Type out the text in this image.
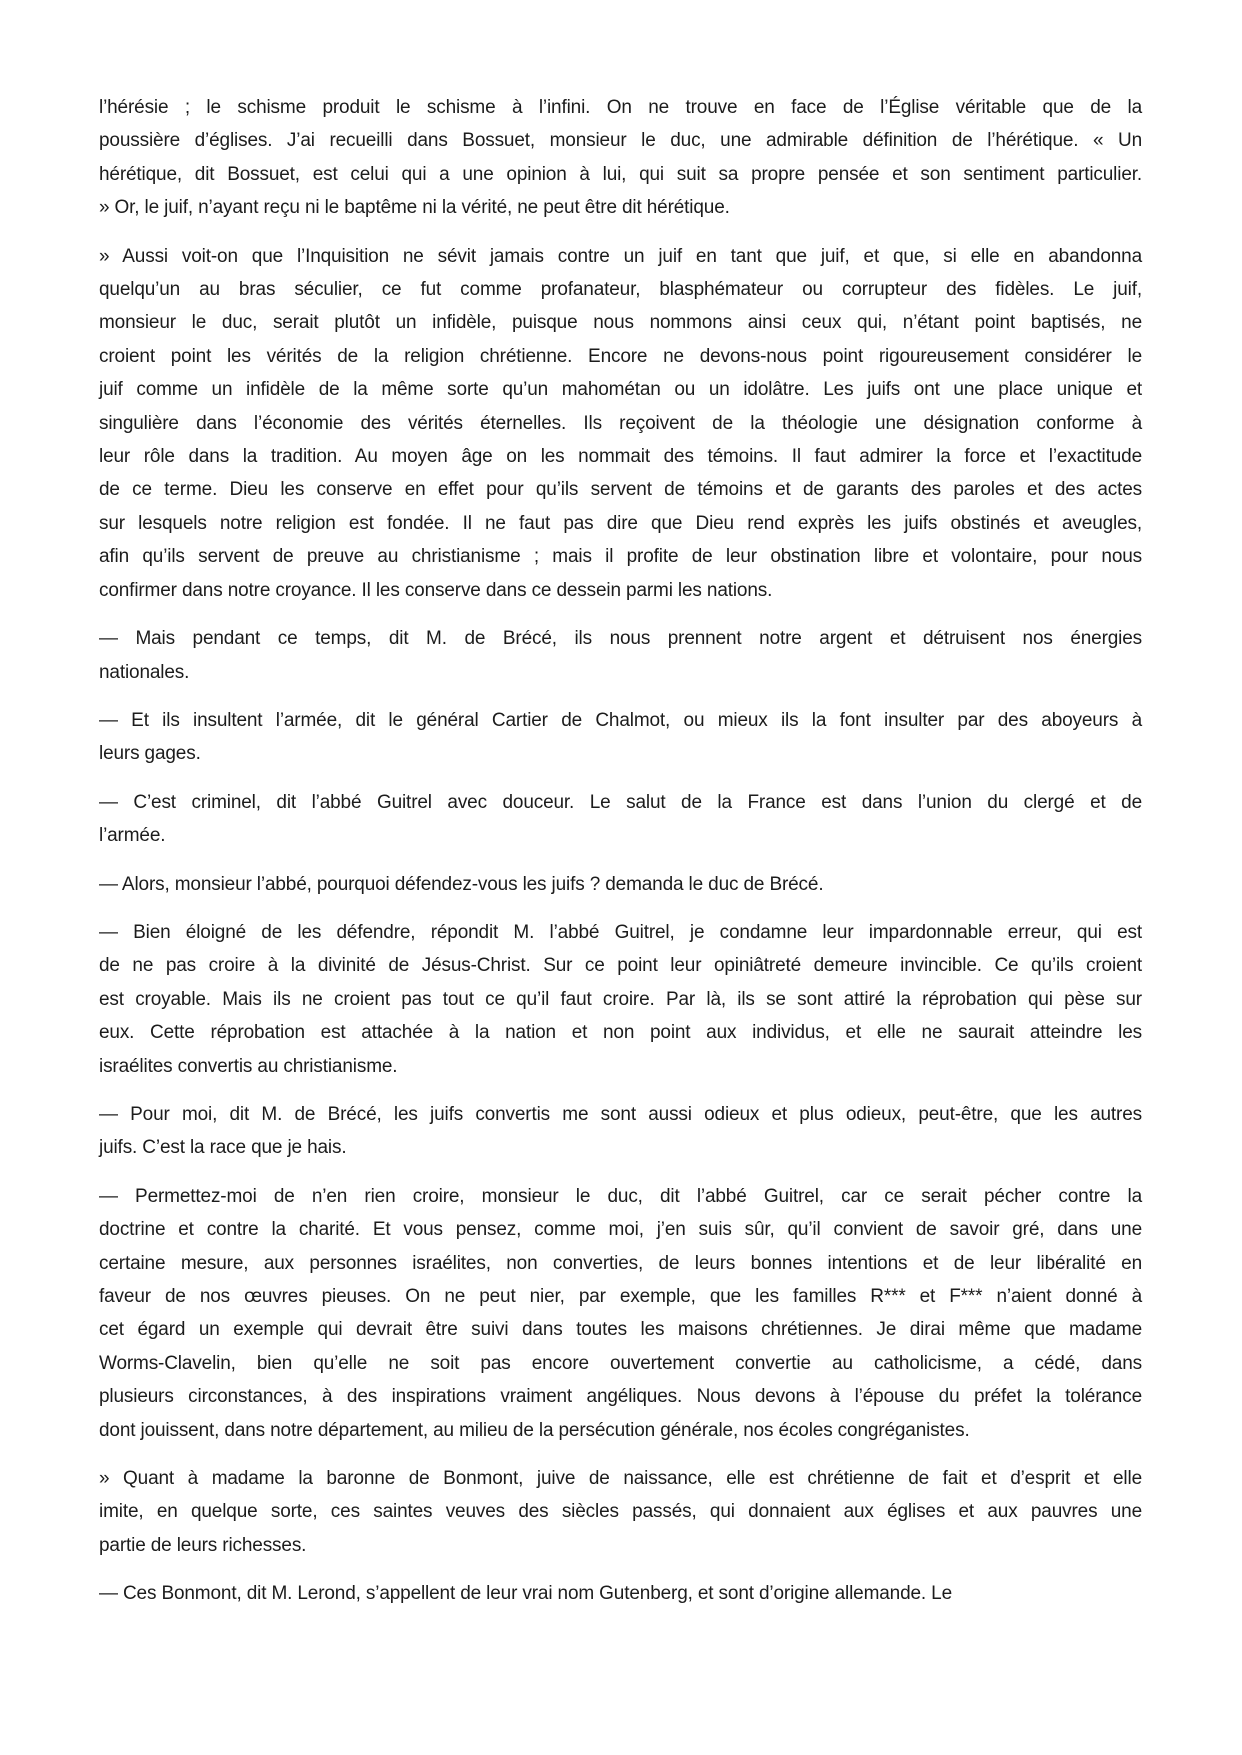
l’hérésie ; le schisme produit le schisme à l’infini. On ne trouve en face de l’Église véritable que de la
poussière d’églises. J’ai recueilli dans Bossuet, monsieur le duc, une admirable définition de l’hérétique. « Un
hérétique, dit Bossuet, est celui qui a une opinion à lui, qui suit sa propre pensée et son sentiment particulier.
» Or, le juif, n’ayant reçu ni le baptême ni la vérité, ne peut être dit hérétique.
» Aussi voit-on que l’Inquisition ne sévit jamais contre un juif en tant que juif, et que, si elle en abandonna
quelqu’un au bras séculier, ce fut comme profanateur, blasphémateur ou corrupteur des fidèles. Le juif,
monsieur le duc, serait plutôt un infidèle, puisque nous nommons ainsi ceux qui, n’étant point baptisés, ne
croient point les vérités de la religion chrétienne. Encore ne devons-nous point rigoureusement considérer le
juif comme un infidèle de la même sorte qu’un mahométan ou un idolâtre. Les juifs ont une place unique et
singulière dans l’économie des vérités éternelles. Ils reçoivent de la théologie une désignation conforme à
leur rôle dans la tradition. Au moyen âge on les nommait des témoins. Il faut admirer la force et l’exactitude
de ce terme. Dieu les conserve en effet pour qu’ils servent de témoins et de garants des paroles et des actes
sur lesquels notre religion est fondée. Il ne faut pas dire que Dieu rend exprès les juifs obstinés et aveugles,
afin qu’ils servent de preuve au christianisme ; mais il profite de leur obstination libre et volontaire, pour nous
confirmer dans notre croyance. Il les conserve dans ce dessein parmi les nations.
— Mais pendant ce temps, dit M. de Brécé, ils nous prennent notre argent et détruisent nos énergies
nationales.
— Et ils insultent l’armée, dit le général Cartier de Chalmot, ou mieux ils la font insulter par des aboyeurs à
leurs gages.
— C’est criminel, dit l’abbé Guitrel avec douceur. Le salut de la France est dans l’union du clergé et de
l’armée.
— Alors, monsieur l’abbé, pourquoi défendez-vous les juifs ? demanda le duc de Brécé.
— Bien éloigné de les défendre, répondit M. l’abbé Guitrel, je condamne leur impardonnable erreur, qui est
de ne pas croire à la divinité de Jésus-Christ. Sur ce point leur opiniâtreté demeure invincible. Ce qu’ils croient
est croyable. Mais ils ne croient pas tout ce qu’il faut croire. Par là, ils se sont attiré la réprobation qui pèse sur
eux. Cette réprobation est attachée à la nation et non point aux individus, et elle ne saurait atteindre les
israélites convertis au christianisme.
— Pour moi, dit M. de Brécé, les juifs convertis me sont aussi odieux et plus odieux, peut-être, que les autres
juifs. C’est la race que je hais.
— Permettez-moi de n’en rien croire, monsieur le duc, dit l’abbé Guitrel, car ce serait pécher contre la
doctrine et contre la charité. Et vous pensez, comme moi, j’en suis sûr, qu’il convient de savoir gré, dans une
certaine mesure, aux personnes israélites, non converties, de leurs bonnes intentions et de leur libéralité en
faveur de nos œuvres pieuses. On ne peut nier, par exemple, que les familles R*** et F*** n’aient donné à
cet égard un exemple qui devrait être suivi dans toutes les maisons chrétiennes. Je dirai même que madame
Worms-Clavelin, bien qu’elle ne soit pas encore ouvertement convertie au catholicisme, a cédé, dans
plusieurs circonstances, à des inspirations vraiment angéliques. Nous devons à l’épouse du préfet la tolérance
dont jouissent, dans notre département, au milieu de la persécution générale, nos écoles congréganistes.
» Quant à madame la baronne de Bonmont, juive de naissance, elle est chrétienne de fait et d’esprit et elle
imite, en quelque sorte, ces saintes veuves des siècles passés, qui donnaient aux églises et aux pauvres une
partie de leurs richesses.
— Ces Bonmont, dit M. Lerond, s’appellent de leur vrai nom Gutenberg, et sont d’origine allemande. Le
